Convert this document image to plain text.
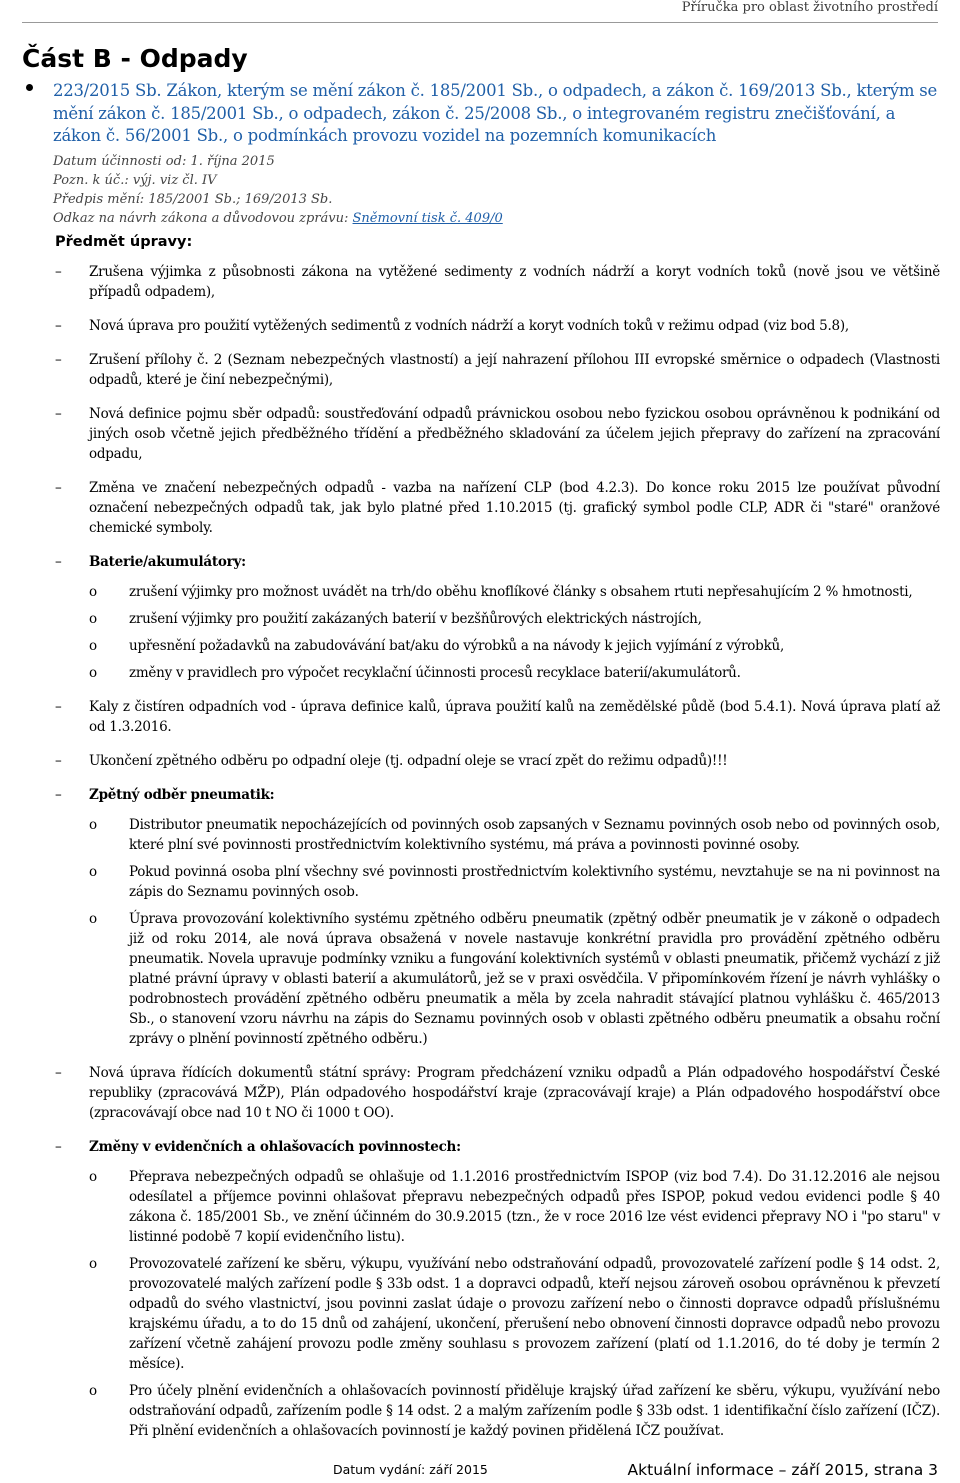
Příručka pro oblast životního prostředí
Část B - Odpady
223/2015 Sb. Zákon, kterým se mění zákon č. 185/2001 Sb., o odpadech, a zákon č. 169/2013 Sb., kterým se mění zákon č. 185/2001 Sb., o odpadech, zákon č. 25/2008 Sb., o integrovaném registru znečišťování, a zákon č. 56/2001 Sb., o podmínkách provozu vozidel na pozemních komunikacích
Datum účinnosti od: 1. října 2015
Pozn. k úč.: výj. viz čl. IV
Předpis mění: 185/2001 Sb.; 169/2013 Sb.
Odkaz na návrh zákona a důvodovou zprávu: Sněmovní tisk č. 409/0
Předmět úpravy:
– Zrušena výjimka z působnosti zákona na vytěžené sedimenty z vodních nádrží a koryt vodních toků (nově jsou ve většině případů odpadem),
– Nová úprava pro použití vytěžených sedimentů z vodních nádrží a koryt vodních toků v režimu odpad (viz bod 5.8),
– Zrušení přílohy č. 2 (Seznam nebezpečných vlastností) a její nahrazení přílohou III evropské směrnice o odpadech (Vlastnosti odpadů, které je činí nebezpečnými),
– Nová definice pojmu sběr odpadů: soustřeďování odpadů právnickou osobou nebo fyzickou osobou oprávněnou k podnikání od jiných osob včetně jejich předběžného třídění a předběžného skladování za účelem jejich přepravy do zařízení na zpracování odpadu,
– Změna ve značení nebezpečných odpadů - vazba na nařízení CLP (bod 4.2.3). Do konce roku 2015 lze používat původní označení nebezpečných odpadů tak, jak bylo platné před 1.10.2015 (tj. grafický symbol podle CLP, ADR či "staré" oranžové chemické symboly.
– Baterie/akumulátory:
o zrušení výjimky pro možnost uvádět na trh/do oběhu knoflíkové články s obsahem rtuti nepřesahujícím 2 % hmotnosti,
o zrušení výjimky pro použití zakázaných baterií v bezšňůrových elektrických nástrojích,
o upřesnění požadavků na zabudovávání bat/aku do výrobků a na návody k jejich vyjímání z výrobků,
o změny v pravidlech pro výpočet recyklační účinnosti procesů recyklace baterií/akumulátorů.
– Kaly z čistíren odpadních vod - úprava definice kalů, úprava použití kalů na zemědělské půdě (bod 5.4.1). Nová úprava platí až od 1.3.2016.
– Ukončení zpětného odběru po odpadní oleje (tj. odpadní oleje se vrací zpět do režimu odpadů)!!!
– Zpětný odběr pneumatik:
o Distributor pneumatik nepocházejících od povinných osob zapsaných v Seznamu povinných osob nebo od povinných osob, které plní své povinnosti prostřednictvím kolektivního systému, má práva a povinnosti povinné osoby.
o Pokud povinná osoba plní všechny své povinnosti prostřednictvím kolektivního systému, nevztahuje se na ni povinnost na zápis do Seznamu povinných osob.
o Úprava provozování kolektivního systému zpětného odběru pneumatik (zpětný odběr pneumatik je v zákoně o odpadech již od roku 2014, ale nová úprava obsažená v novele nastavuje konkrétní pravidla pro provádění zpětného odběru pneumatik. Novela upravuje podmínky vzniku a fungování kolektivních systémů v oblasti pneumatik, přičemž vychází z již platné právní úpravy v oblasti baterií a akumulátorů, jež se v praxi osvědčila. V připomínkovém řízení je návrh vyhlášky o podrobnostech provádění zpětného odběru pneumatik a měla by zcela nahradit stávající platnou vyhlášku č. 465/2013 Sb., o stanovení vzoru návrhu na zápis do Seznamu povinných osob v oblasti zpětného odběru pneumatik a obsahu roční zprávy o plnění povinností zpětného odběru.)
– Nová úprava řídících dokumentů státní správy: Program předcházení vzniku odpadů a Plán odpadového hospodářství České republiky (zpracovává MŽP), Plán odpadového hospodářství kraje (zpracovávají kraje) a Plán odpadového hospodářství obce (zpracovávají obce nad 10 t NO či 1000 t OO).
– Změny v evidenčních a ohlašovacích povinnostech:
o Přeprava nebezpečných odpadů se ohlašuje od 1.1.2016 prostřednictvím ISPOP (viz bod 7.4). Do 31.12.2016 ale nejsou odesílatel a příjemce povinni ohlašovat přepravu nebezpečných odpadů přes ISPOP, pokud vedou evidenci podle § 40 zákona č. 185/2001 Sb., ve znění účinném do 30.9.2015 (tzn., že v roce 2016 lze vést evidenci přepravy NO i "po staru" v listinné podobě 7 kopií evidenčního listu).
o Provozovatelé zařízení ke sběru, výkupu, využívání nebo odstraňování odpadů, provozovatelé zařízení podle § 14 odst. 2, provozovatelé malých zařízení podle § 33b odst. 1 a dopravci odpadů, kteří nejsou zároveň osobou oprávněnou k převzetí odpadů do svého vlastnictví, jsou povinni zaslat údaje o provozu zařízení nebo o činnosti dopravce odpadů příslušnému krajskému úřadu, a to do 15 dnů od zahájení, ukončení, přerušení nebo obnovení činnosti dopravce odpadů nebo provozu zařízení včetně zahájení provozu podle změny souhlasu s provozem zařízení (platí od 1.1.2016, do té doby je termín 2 měsíce).
o Pro účely plnění evidenčních a ohlašovacích povinností přiděluje krajský úřad zařízení ke sběru, výkupu, využívání nebo odstraňování odpadů, zařízením podle § 14 odst. 2 a malým zařízením podle § 33b odst. 1 identifikační číslo zařízení (IČZ). Při plnění evidenčních a ohlašovacích povinností je každý povinen přidělená IČZ používat.
Datum vydání: září 2015	Aktuální informace – září 2015, strana 3
